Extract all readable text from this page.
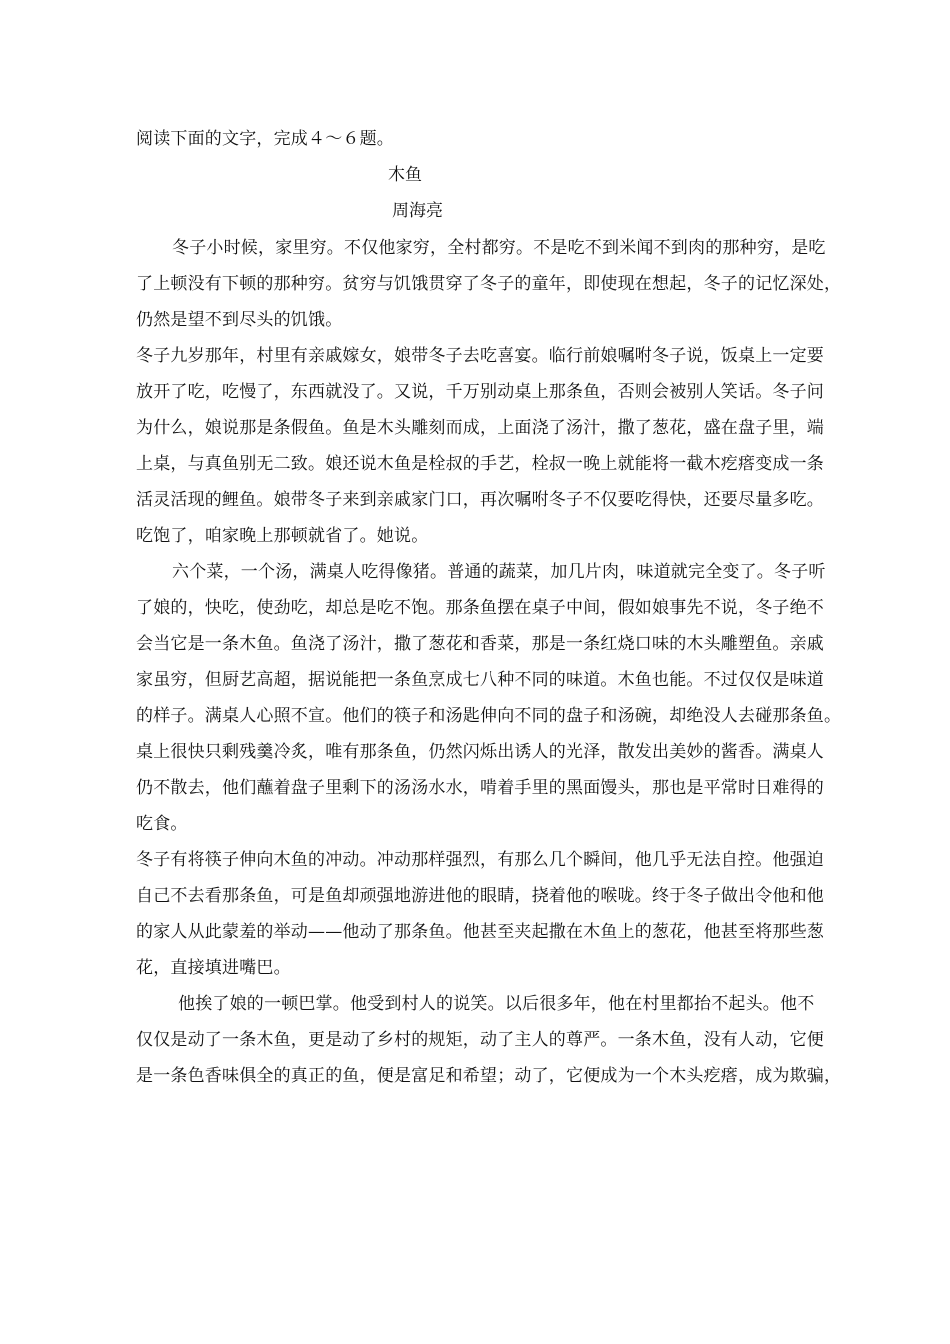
阅读下面的文字，完成４～６题。
木鱼
周海亮
冬子小时候，家里穷。不仅他家穷，全村都穷。不是吃不到米闻不到肉的那种穷，是吃
了上顿没有下顿的那种穷。贫穷与饥饿贯穿了冬子的童年，即使现在想起，冬子的记忆深处，
仍然是望不到尽头的饥饿。
冬子九岁那年，村里有亲戚嫁女，娘带冬子去吃喜宴。临行前娘嘱咐冬子说，饭桌上一定要
放开了吃，吃慢了，东西就没了。又说，千万别动桌上那条鱼，否则会被别人笑话。冬子问
为什么，娘说那是条假鱼。鱼是木头雕刻而成，上面浇了汤汁，撒了葱花，盛在盘子里，端
上桌，与真鱼别无二致。娘还说木鱼是栓叔的手艺，栓叔一晚上就能将一截木疙瘩变成一条
活灵活现的鲤鱼。娘带冬子来到亲戚家门口，再次嘱咐冬子不仅要吃得快，还要尽量多吃。
吃饱了，咱家晚上那顿就省了。她说。
六个菜，一个汤，满桌人吃得像猪。普通的蔬菜，加几片肉，味道就完全变了。冬子听
了娘的，快吃，使劲吃，却总是吃不饱。那条鱼摆在桌子中间，假如娘事先不说，冬子绝不
会当它是一条木鱼。鱼浇了汤汁，撒了葱花和香菜，那是一条红烧口味的木头雕塑鱼。亲戚
家虽穷，但厨艺高超，据说能把一条鱼烹成七八种不同的味道。木鱼也能。不过仅仅是味道
的样子。满桌人心照不宣。他们的筷子和汤匙伸向不同的盘子和汤碗，却绝没人去碰那条鱼。
桌上很快只剩残羹冷炙，唯有那条鱼，仍然闪烁出诱人的光泽，散发出美妙的酱香。满桌人
仍不散去，他们蘸着盘子里剩下的汤汤水水，啃着手里的黑面馒头，那也是平常时日难得的
吃食。
冬子有将筷子伸向木鱼的冲动。冲动那样强烈，有那么几个瞬间，他几乎无法自控。他强迫
自己不去看那条鱼，可是鱼却顽强地游进他的眼睛，挠着他的喉咙。终于冬子做出令他和他
的家人从此蒙羞的举动——他动了那条鱼。他甚至夹起撒在木鱼上的葱花，他甚至将那些葱
花，直接填进嘴巴。
他挨了娘的一顿巴掌。他受到村人的说笑。以后很多年，他在村里都抬不起头。他不
仅仅是动了一条木鱼，更是动了乡村的规矩，动了主人的尊严。一条木鱼，没有人动，它便
是一条色香味俱全的真正的鱼，便是富足和希望；动了，它便成为一个木头疙瘩，成为欺骗，
